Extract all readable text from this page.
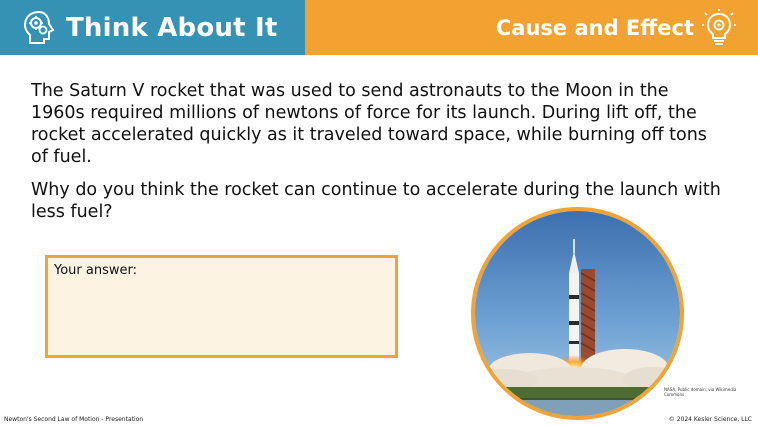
Think About It	Cause and Effect
The Saturn V rocket that was used to send astronauts to the Moon in the 1960s required millions of newtons of force for its launch. During lift off, the rocket accelerated quickly as it traveled toward space, while burning off tons of fuel.
Why do you think the rocket can continue to accelerate during the launch with less fuel?
Your answer:
NASA, Public domain, via Wikimedia Commons
Newton's Second Law of Motion - Presentation	© 2024 Kesler Science, LLC
